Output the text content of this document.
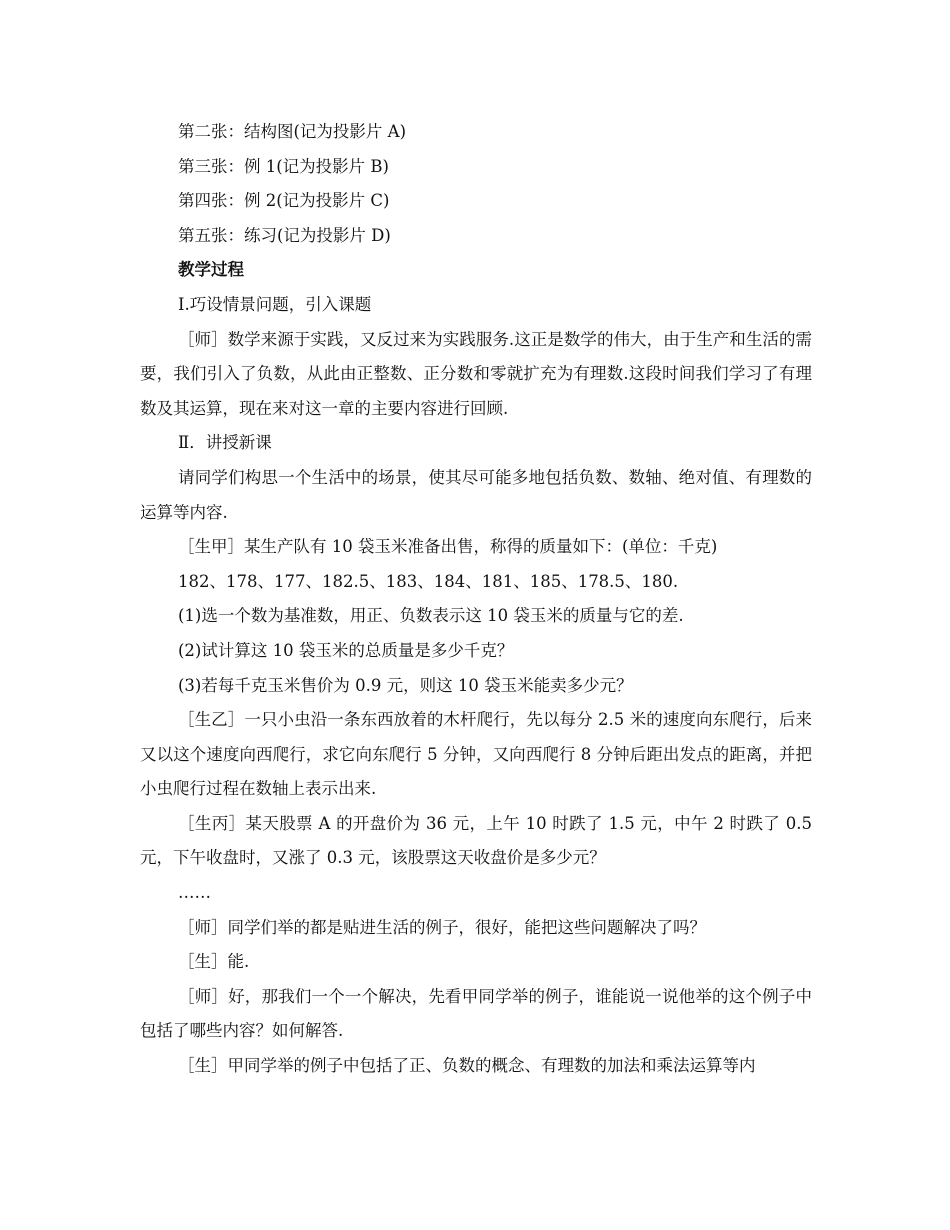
第二张：结构图(记为投影片 A)

第三张：例 1(记为投影片 B)

第四张：例 2(记为投影片 C)

第五张：练习(记为投影片 D)

教学过程

Ⅰ.巧设情景问题，引入课题

［师］数学来源于实践，又反过来为实践服务.这正是数学的伟大，由于生产和生活的需要，我们引入了负数，从此由正整数、正分数和零就扩充为有理数.这段时间我们学习了有理数及其运算，现在来对这一章的主要内容进行回顾.

Ⅱ．讲授新课

请同学们构思一个生活中的场景，使其尽可能多地包括负数、数轴、绝对值、有理数的运算等内容.

［生甲］某生产队有 10 袋玉米准备出售，称得的质量如下：(单位：千克)

182、178、177、182.5、183、184、181、185、178.5、180.

(1)选一个数为基准数，用正、负数表示这 10 袋玉米的质量与它的差.

(2)试计算这 10 袋玉米的总质量是多少千克？

(3)若每千克玉米售价为 0.9 元，则这 10 袋玉米能卖多少元？

［生乙］一只小虫沿一条东西放着的木杆爬行，先以每分 2.5 米的速度向东爬行，后来又以这个速度向西爬行，求它向东爬行 5 分钟，又向西爬行 8 分钟后距出发点的距离，并把小虫爬行过程在数轴上表示出来.

［生丙］某天股票 A 的开盘价为 36 元，上午 10 时跌了 1.5 元，中午 2 时跌了 0.5 元，下午收盘时，又涨了 0.3 元，该股票这天收盘价是多少元？

……

［师］同学们举的都是贴进生活的例子，很好，能把这些问题解决了吗？

［生］能.

［师］好，那我们一个一个解决，先看甲同学举的例子，谁能说一说他举的这个例子中包括了哪些内容？如何解答.

［生］甲同学举的例子中包括了正、负数的概念、有理数的加法和乘法运算等内
